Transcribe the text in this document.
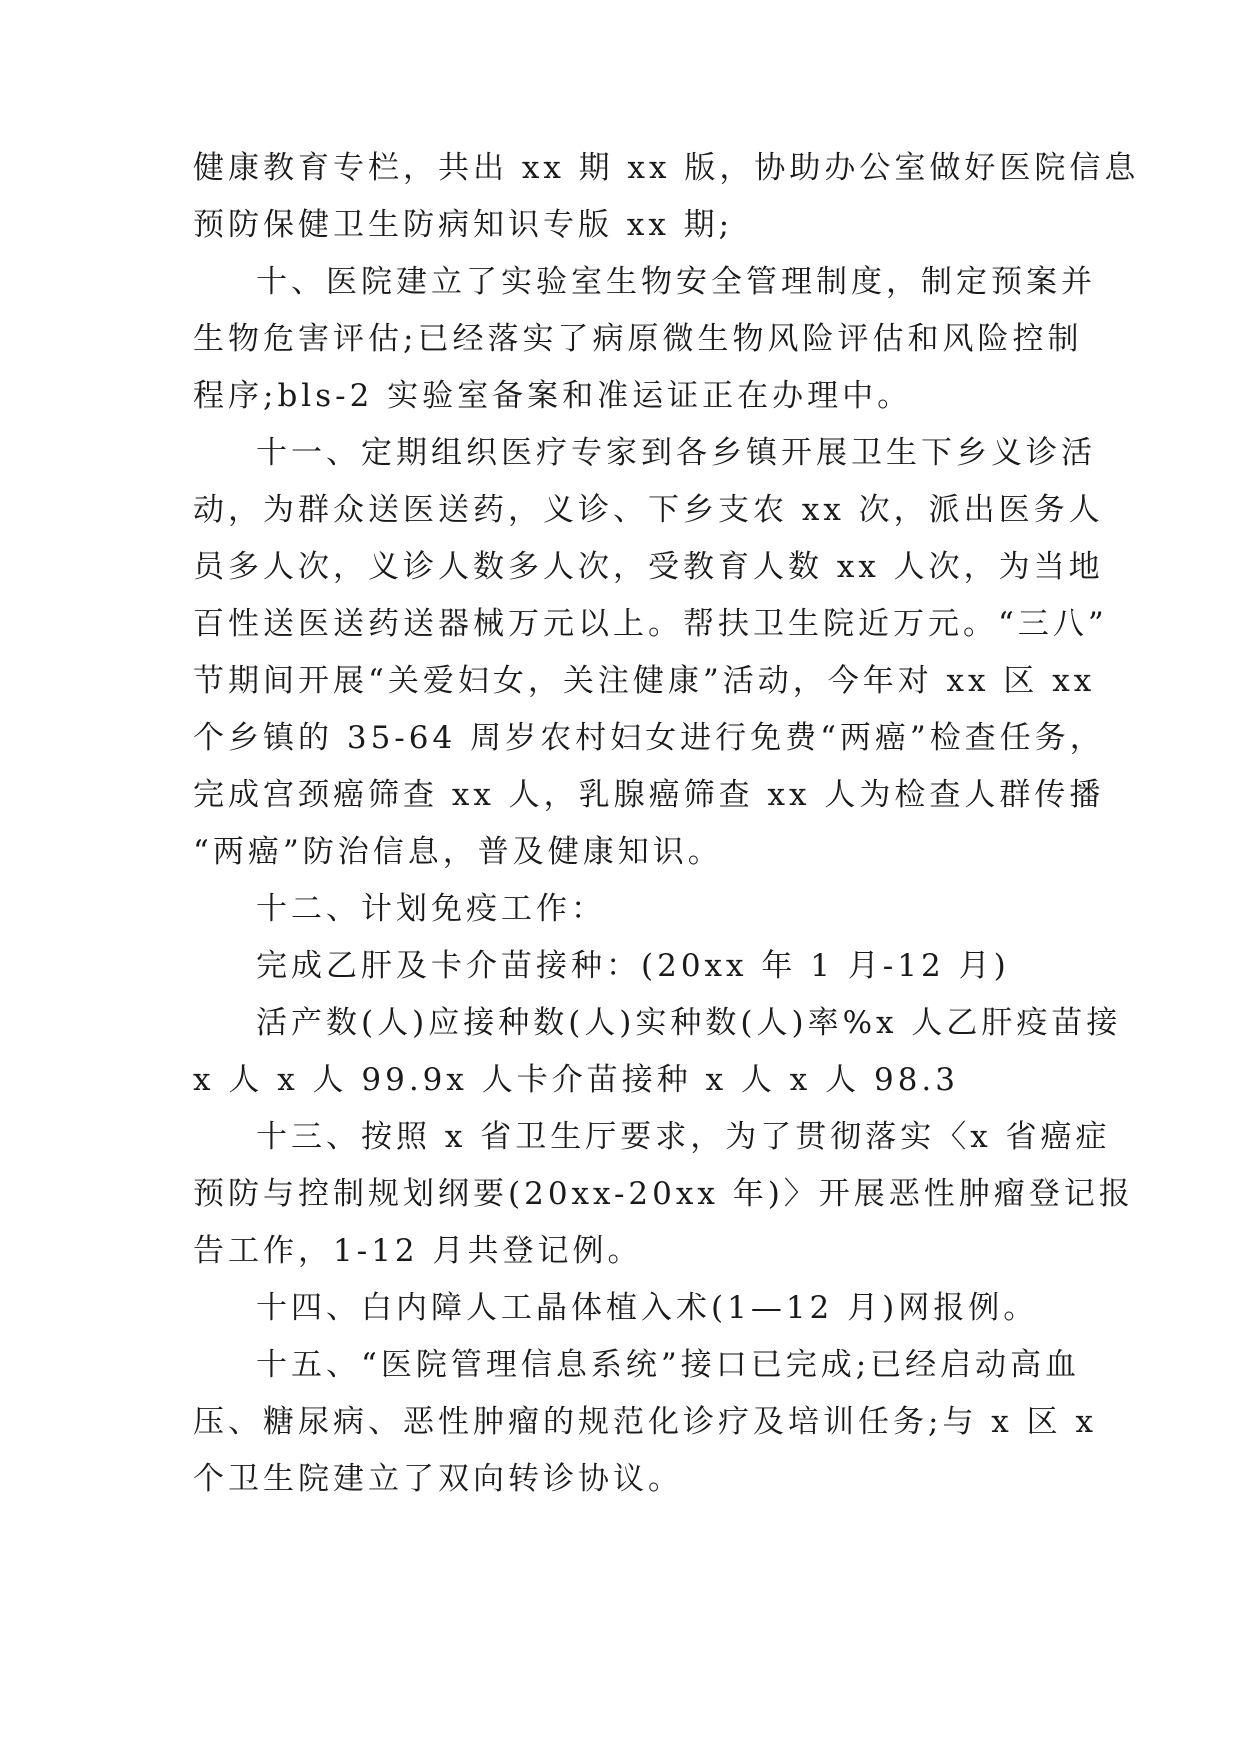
健康教育专栏，共出 xx 期 xx 版，协助办公室做好医院信息
预防保健卫生防病知识专版 xx 期;
十、医院建立了实验室生物安全管理制度，制定预案并
生物危害评估;已经落实了病原微生物风险评估和风险控制
程序;bls-2 实验室备案和准运证正在办理中。
十一、定期组织医疗专家到各乡镇开展卫生下乡义诊活
动，为群众送医送药，义诊、下乡支农 xx 次，派出医务人
员多人次，义诊人数多人次，受教育人数 xx 人次，为当地
百性送医送药送器械万元以上。帮扶卫生院近万元。“三八”
节期间开展“关爱妇女，关注健康”活动，今年对 xx 区 xx
个乡镇的 35-64 周岁农村妇女进行免费“两癌”检查任务，
完成宫颈癌筛查 xx 人，乳腺癌筛查 xx 人为检查人群传播
“两癌”防治信息，普及健康知识。
十二、计划免疫工作：
完成乙肝及卡介苗接种：(20xx 年 1 月-12 月)
活产数(人)应接种数(人)实种数(人)率%x 人乙肝疫苗接
x 人 x 人 99.9x 人卡介苗接种 x 人 x 人 98.3
十三、按照 x 省卫生厅要求，为了贯彻落实〈x 省癌症
预防与控制规划纲要(20xx-20xx 年)〉开展恶性肿瘤登记报
告工作，1-12 月共登记例。
十四、白内障人工晶体植入术(1—12 月)网报例。
十五、“医院管理信息系统”接口已完成;已经启动高血
压、糖尿病、恶性肿瘤的规范化诊疗及培训任务;与 x 区 x
个卫生院建立了双向转诊协议。
